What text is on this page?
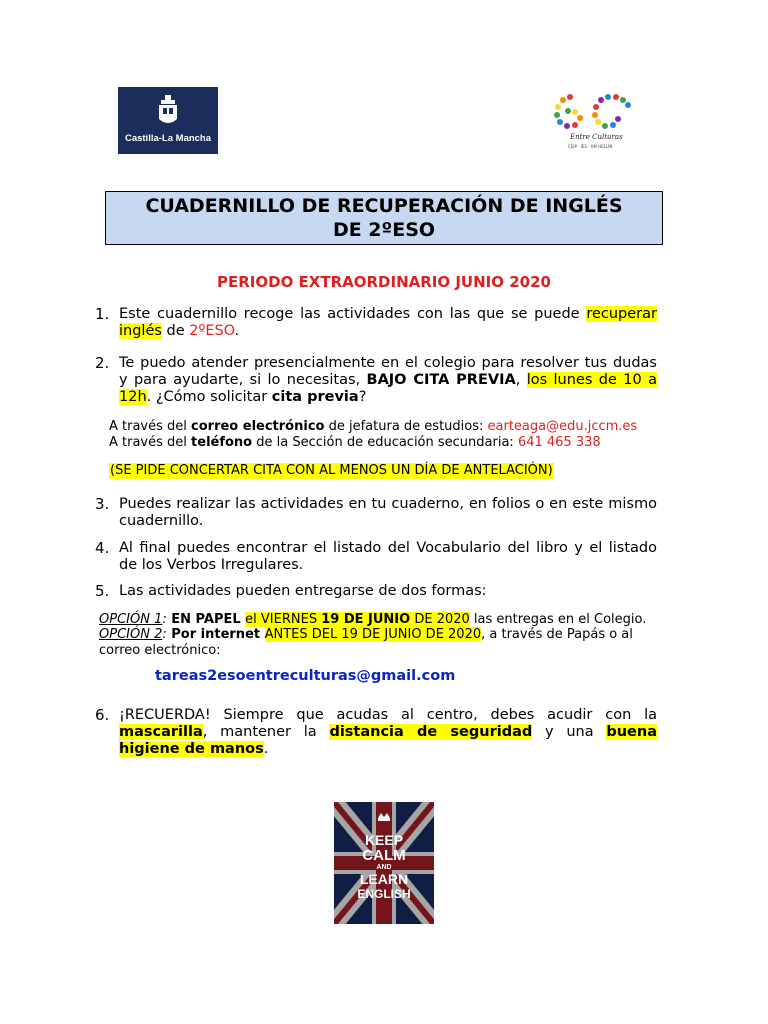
Castilla-La Mancha	Entre Culturas
CEIP · IES · AM HELLÍN
CUADERNILLO DE RECUPERACIÓN DE INGLÉS
DE 2ºESO
PERIODO EXTRAORDINARIO JUNIO 2020
1. Este cuadernillo recoge las actividades con las que se puede recuperar inglés de 2ºESO.
2. Te puedo atender presencialmente en el colegio para resolver tus dudas y para ayudarte, si lo necesitas, BAJO CITA PREVIA, los lunes de 10 a 12h. ¿Cómo solicitar cita previa?
A través del correo electrónico de jefatura de estudios: earteaga@edu.jccm.es
A través del teléfono de la Sección de educación secundaria: 641 465 338
(SE PIDE CONCERTAR CITA CON AL MENOS UN DÍA DE ANTELACIÓN)
3. Puedes realizar las actividades en tu cuaderno, en folios o en este mismo cuadernillo.
4. Al final puedes encontrar el listado del Vocabulario del libro y el listado de los Verbos Irregulares.
5. Las actividades pueden entregarse de dos formas:
OPCIÓN 1: EN PAPEL el VIERNES 19 DE JUNIO DE 2020 las entregas en el Colegio.
OPCIÓN 2: Por internet ANTES DEL 19 DE JUNIO DE 2020, a través de Papás o al correo electrónico:
tareas2esoentreculturas@gmail.com
6. ¡RECUERDA! Siempre que acudas al centro, debes acudir con la mascarilla, mantener la distancia de seguridad y una buena higiene de manos.
KEEP
CALM
AND
LEARN
ENGLISH
